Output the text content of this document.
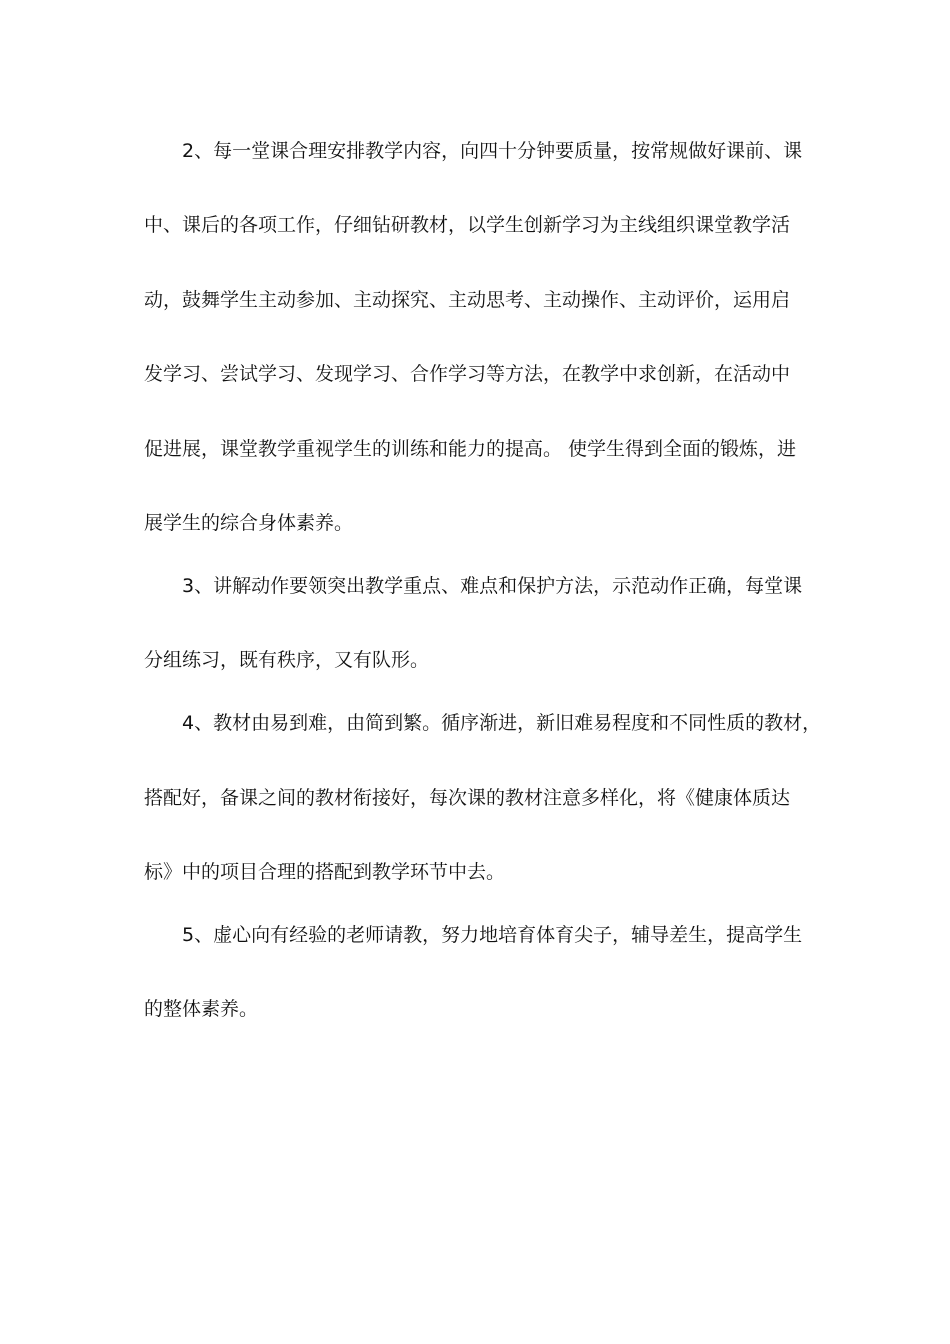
2、每一堂课合理安排教学内容，向四十分钟要质量，按常规做好课前、课
中、课后的各项工作，仔细钻研教材，以学生创新学习为主线组织课堂教学活
动，鼓舞学生主动参加、主动探究、主动思考、主动操作、主动评价，运用启
发学习、尝试学习、发现学习、合作学习等方法，在教学中求创新，在活动中
促进展，课堂教学重视学生的训练和能力的提高。 使学生得到全面的锻炼，进
展学生的综合身体素养。
3、讲解动作要领突出教学重点、难点和保护方法，示范动作正确，每堂课
分组练习，既有秩序，又有队形。
4、教材由易到难，由简到繁。循序渐进，新旧难易程度和不同性质的教材，
搭配好，备课之间的教材衔接好，每次课的教材注意多样化，将《健康体质达
标》中的项目合理的搭配到教学环节中去。
5、虚心向有经验的老师请教，努力地培育体育尖子，辅导差生，提高学生
的整体素养。
